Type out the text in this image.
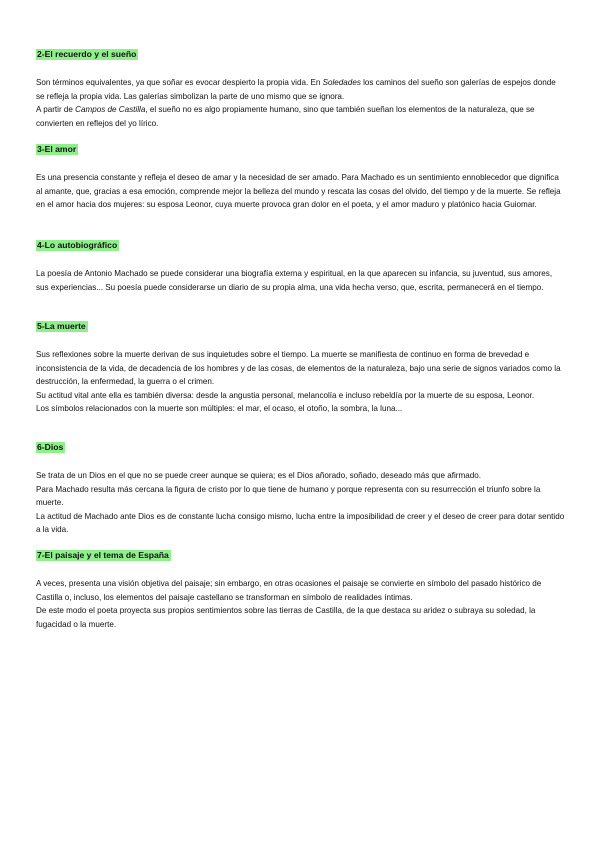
2-El recuerdo y el sueño

Son términos equivalentes, ya que soñar es evocar despierto la propia vida. En Soledades los caminos del sueño son galerías de espejos donde se refleja la propia vida. Las galerías simbolizan la parte de uno mismo que se ignora.

A partir de Campos de Castilla, el sueño no es algo propiamente humano, sino que también sueñan los elementos de la naturaleza, que se convierten en reflejos del yo lírico.

3-El amor

Es una presencia constante y refleja el deseo de amar y la necesidad de ser amado. Para Machado es un sentimiento ennoblecedor que dignifica al amante, que, gracias a esa emoción, comprende mejor la belleza del mundo y rescata las cosas del olvido, del tiempo y de la muerte. Se refleja en el amor hacia dos mujeres: su esposa Leonor, cuya muerte provoca gran dolor en el poeta, y el amor maduro y platónico hacia Guiomar.

4-Lo autobiográfico

La poesía de Antonio Machado se puede considerar una biografía externa y espiritual, en la que aparecen su infancia, su juventud, sus amores, sus experiencias... Su poesía puede considerarse un diario de su propia alma, una vida hecha verso, que, escrita, permanecerá en el tiempo.

5-La muerte

Sus reflexiones sobre la muerte derivan de sus inquietudes sobre el tiempo. La muerte se manifiesta de continuo en forma de brevedad e inconsistencia de la vida, de decadencia de los hombres y de las cosas, de elementos de la naturaleza, bajo una serie de signos variados como la destrucción, la enfermedad, la guerra o el crimen.

Su actitud vital ante ella es también diversa: desde la angustia personal, melancolía e incluso rebeldía por la muerte de su esposa, Leonor.

Los símbolos relacionados con la muerte son múltiples: el mar, el ocaso, el otoño, la sombra, la luna...

6-Dios

Se trata de un Dios en el que no se puede creer aunque se quiera; es el Dios añorado, soñado, deseado más que afirmado.

Para Machado resulta más cercana la figura de cristo por lo que tiene de humano y porque representa con su resurrección el triunfo sobre la muerte.

La actitud de Machado ante Dios es de constante lucha consigo mismo, lucha entre la imposibilidad de creer y el deseo de creer para dotar sentido a la vida.

7-El paisaje y el tema de España

A veces, presenta una visión objetiva del paisaje; sin embargo, en otras ocasiones el paisaje se convierte en símbolo del pasado histórico de Castilla o, incluso, los elementos del paisaje castellano se transforman en símbolo de realidades íntimas.

De este modo el poeta proyecta sus propios sentimientos sobre las tierras de Castilla, de la que destaca su aridez o subraya su soledad, la fugacidad o la muerte.
